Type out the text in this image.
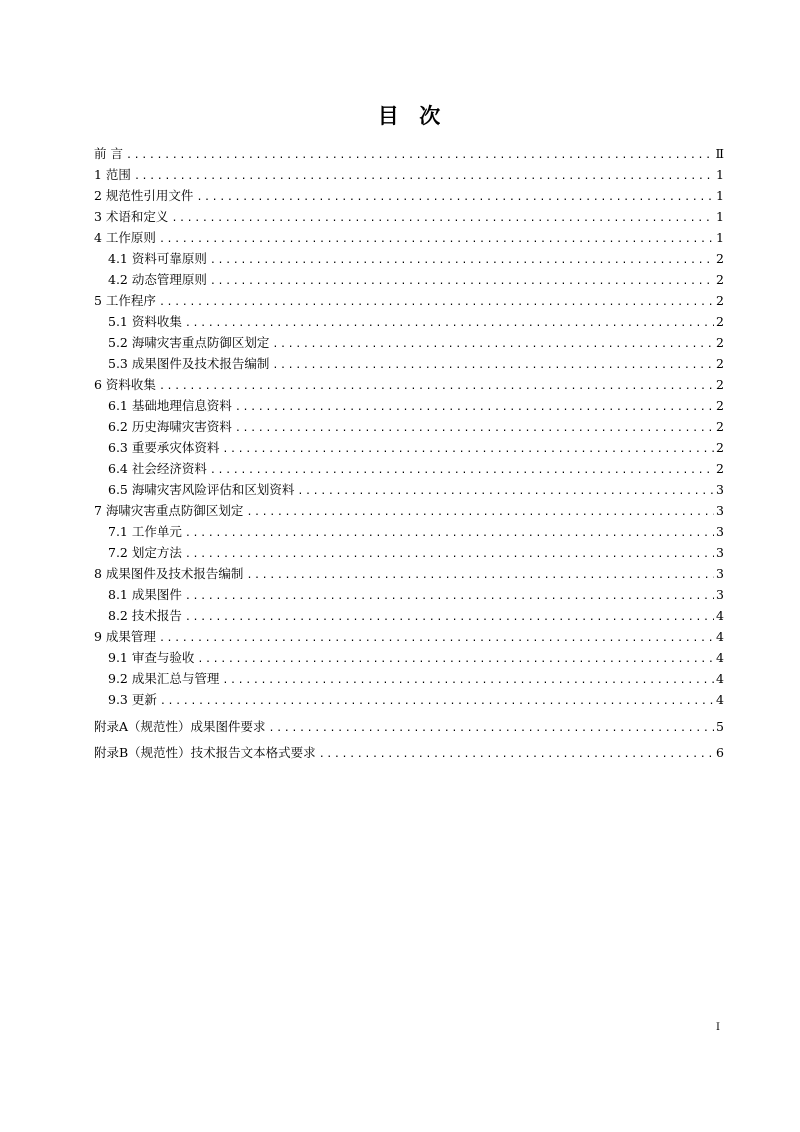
目  次
前 言 .....	Ⅱ
1 范围 .....	1
2 规范性引用文件 .....	1
3 术语和定义 .....	1
4 工作原则 .....	1
4.1 资料可靠原则 .....	2
4.2 动态管理原则 .....	2
5 工作程序 .....	2
5.1 资料收集 .....	2
5.2 海啸灾害重点防御区划定 .....	2
5.3 成果图件及技术报告编制 .....	2
6 资料收集 .....	2
6.1 基础地理信息资料 .....	2
6.2 历史海啸灾害资料 .....	2
6.3 重要承灾体资料 .....	2
6.4 社会经济资料 .....	2
6.5 海啸灾害风险评估和区划资料 .....	3
7 海啸灾害重点防御区划定 .....	3
7.1 工作单元 .....	3
7.2 划定方法 .....	3
8 成果图件及技术报告编制 .....	3
8.1 成果图件 .....	3
8.2 技术报告 .....	4
9 成果管理 .....	4
9.1 审查与验收 .....	4
9.2 成果汇总与管理 .....	4
9.3 更新 .....	4
附录A（规范性）成果图件要求 .....	5
附录B（规范性）技术报告文本格式要求 .....	6
I
